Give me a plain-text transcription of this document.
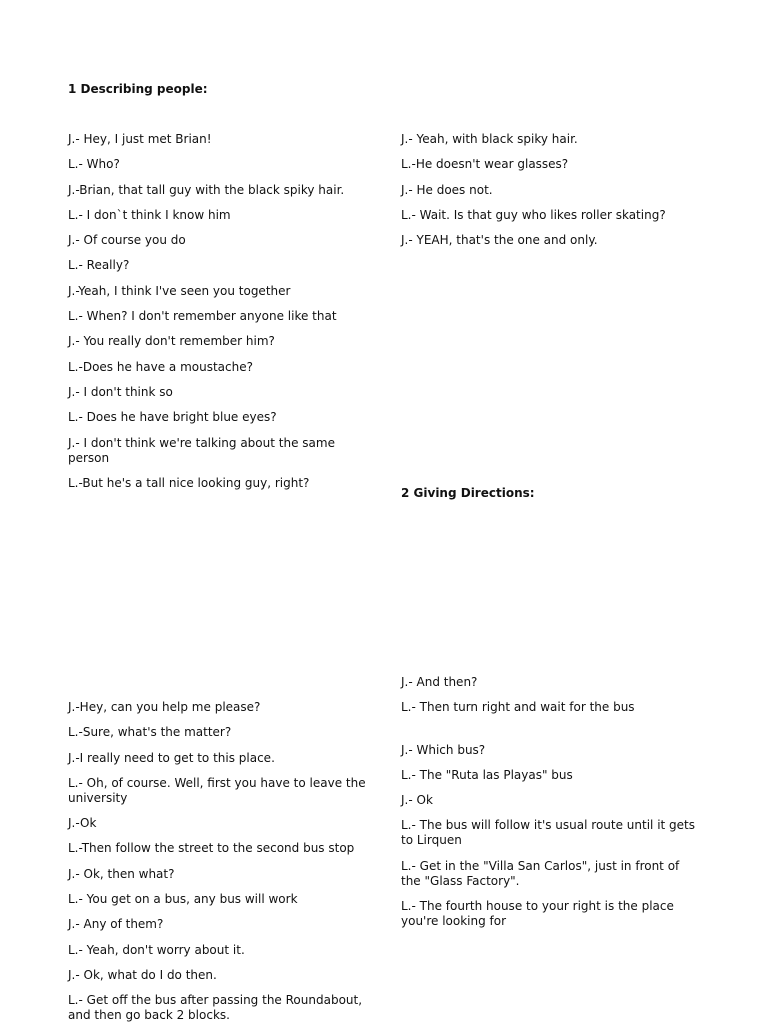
1 Describing people:

J.- Hey, I just met Brian!

L.- Who?

J.-Brian, that tall guy with the black spiky hair.

L.- I don`t think I know him

J.- Of course you do

L.- Really?

J.-Yeah, I think I've seen you together

L.- When? I don't remember anyone like that

J.- You really don't remember him?

L.-Does he have a moustache?

J.- I don't think so

L.- Does he have bright blue eyes?

J.- I don't think we're talking about the same person

L.-But he's a tall nice looking guy, right?

J.- Yeah, with black spiky hair.

L.-He doesn't wear glasses?

J.- He does not.

L.- Wait. Is that guy who likes roller skating?

J.- YEAH, that's the one and only.

2 Giving Directions:

J.-Hey, can you help me please?

L.-Sure, what's the matter?

J.-I really need to get to this place.

L.- Oh, of course. Well, first you have to leave the university

J.-Ok

L.-Then follow the street to the second bus stop

J.- Ok, then what?

L.- You get on a bus, any bus will work

J.- Any of them?

L.- Yeah, don't worry about it.

J.- Ok, what do I do then.

L.- Get off the bus after passing the Roundabout, and then go back 2 blocks.

J.- And then?

L.- Then turn right and wait for the bus

J.- Which bus?

L.- The "Ruta las Playas" bus

J.- Ok

L.- The bus will follow it's usual route until it gets to Lirquen

L.- Get in the "Villa San Carlos", just in front of the "Glass Factory".

L.- The fourth house to your right is the place you're looking for
